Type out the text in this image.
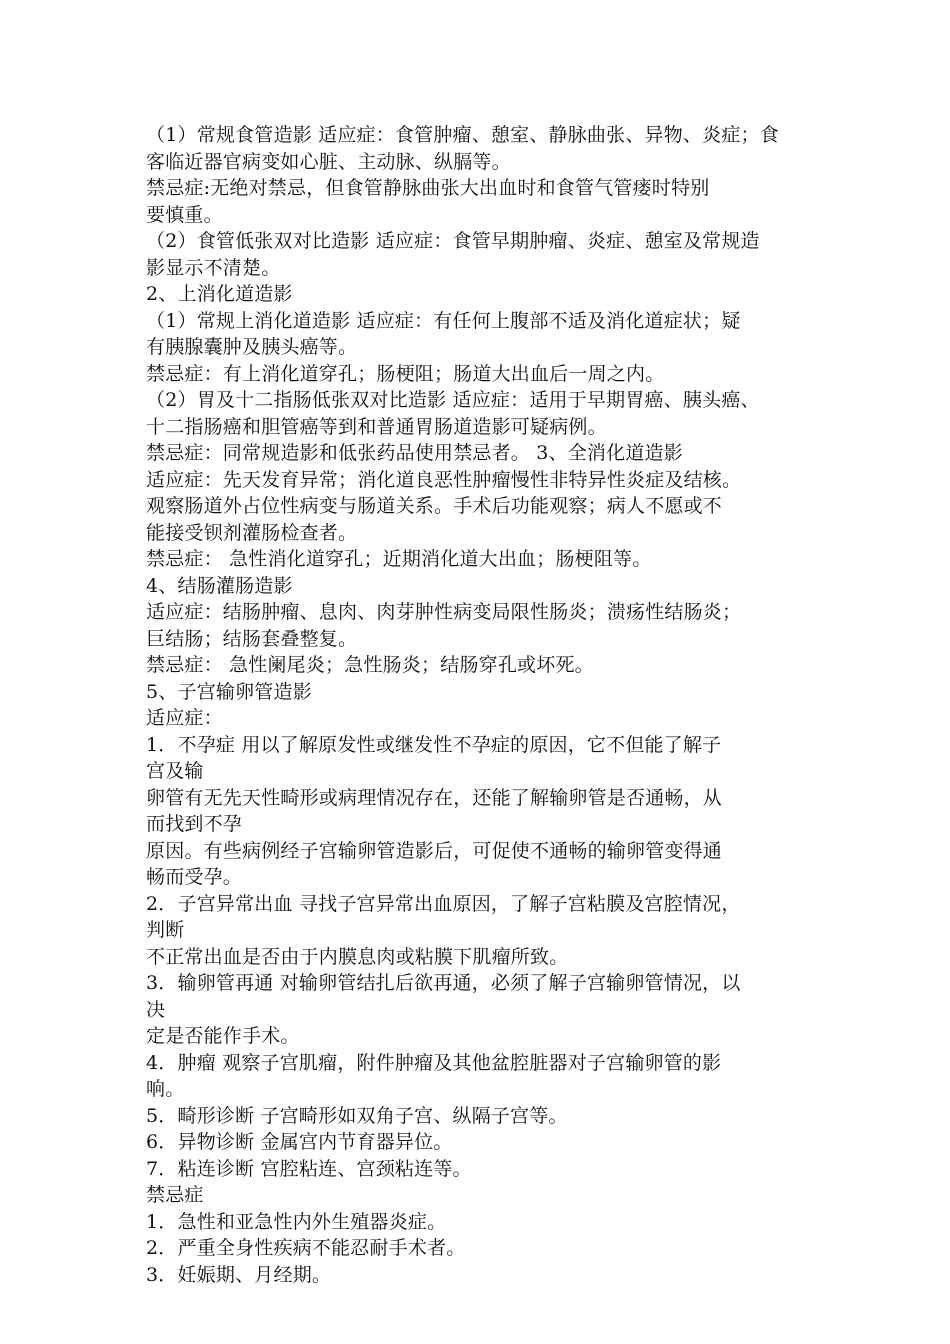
（1）常规食管造影 适应症：食管肿瘤、憩室、静脉曲张、异物、炎症；食
客临近器官病变如心脏、主动脉、纵膈等。
禁忌症:无绝对禁忌，但食管静脉曲张大出血时和食管气管瘘时特别
要慎重。
（2）食管低张双对比造影 适应症：食管早期肿瘤、炎症、憩室及常规造
影显示不清楚。
2、上消化道造影
（1）常规上消化道造影 适应症：有任何上腹部不适及消化道症状；疑
有胰腺囊肿及胰头癌等。
禁忌症：有上消化道穿孔；肠梗阻；肠道大出血后一周之内。
（2）胃及十二指肠低张双对比造影 适应症：适用于早期胃癌、胰头癌、
十二指肠癌和胆管癌等到和普通胃肠道造影可疑病例。
禁忌症：同常规造影和低张药品使用禁忌者。 3、全消化道造影
适应症：先天发育异常；消化道良恶性肿瘤慢性非特异性炎症及结核。
观察肠道外占位性病变与肠道关系。手术后功能观察；病人不愿或不
能接受钡剂灌肠检查者。
禁忌症： 急性消化道穿孔；近期消化道大出血；肠梗阻等。
4、结肠灌肠造影
适应症：结肠肿瘤、息肉、肉芽肿性病变局限性肠炎；溃疡性结肠炎；
巨结肠；结肠套叠整复。
禁忌症： 急性阑尾炎；急性肠炎；结肠穿孔或坏死。
5、子宫输卵管造影
适应症：
1．不孕症 用以了解原发性或继发性不孕症的原因，它不但能了解子
宫及输
卵管有无先天性畸形或病理情况存在，还能了解输卵管是否通畅，从
而找到不孕
原因。有些病例经子宫输卵管造影后，可促使不通畅的输卵管变得通
畅而受孕。
2．子宫异常出血 寻找子宫异常出血原因，了解子宫粘膜及宫腔情况，
判断
不正常出血是否由于内膜息肉或粘膜下肌瘤所致。
3．输卵管再通 对输卵管结扎后欲再通，必须了解子宫输卵管情况，以
决
定是否能作手术。
4．肿瘤 观察子宫肌瘤，附件肿瘤及其他盆腔脏器对子宫输卵管的影
响。
5．畸形诊断 子宫畸形如双角子宫、纵隔子宫等。
6．异物诊断 金属宫内节育器异位。
7．粘连诊断 宫腔粘连、宫颈粘连等。
禁忌症
1．急性和亚急性内外生殖器炎症。
2．严重全身性疾病不能忍耐手术者。
3．妊娠期、月经期。
